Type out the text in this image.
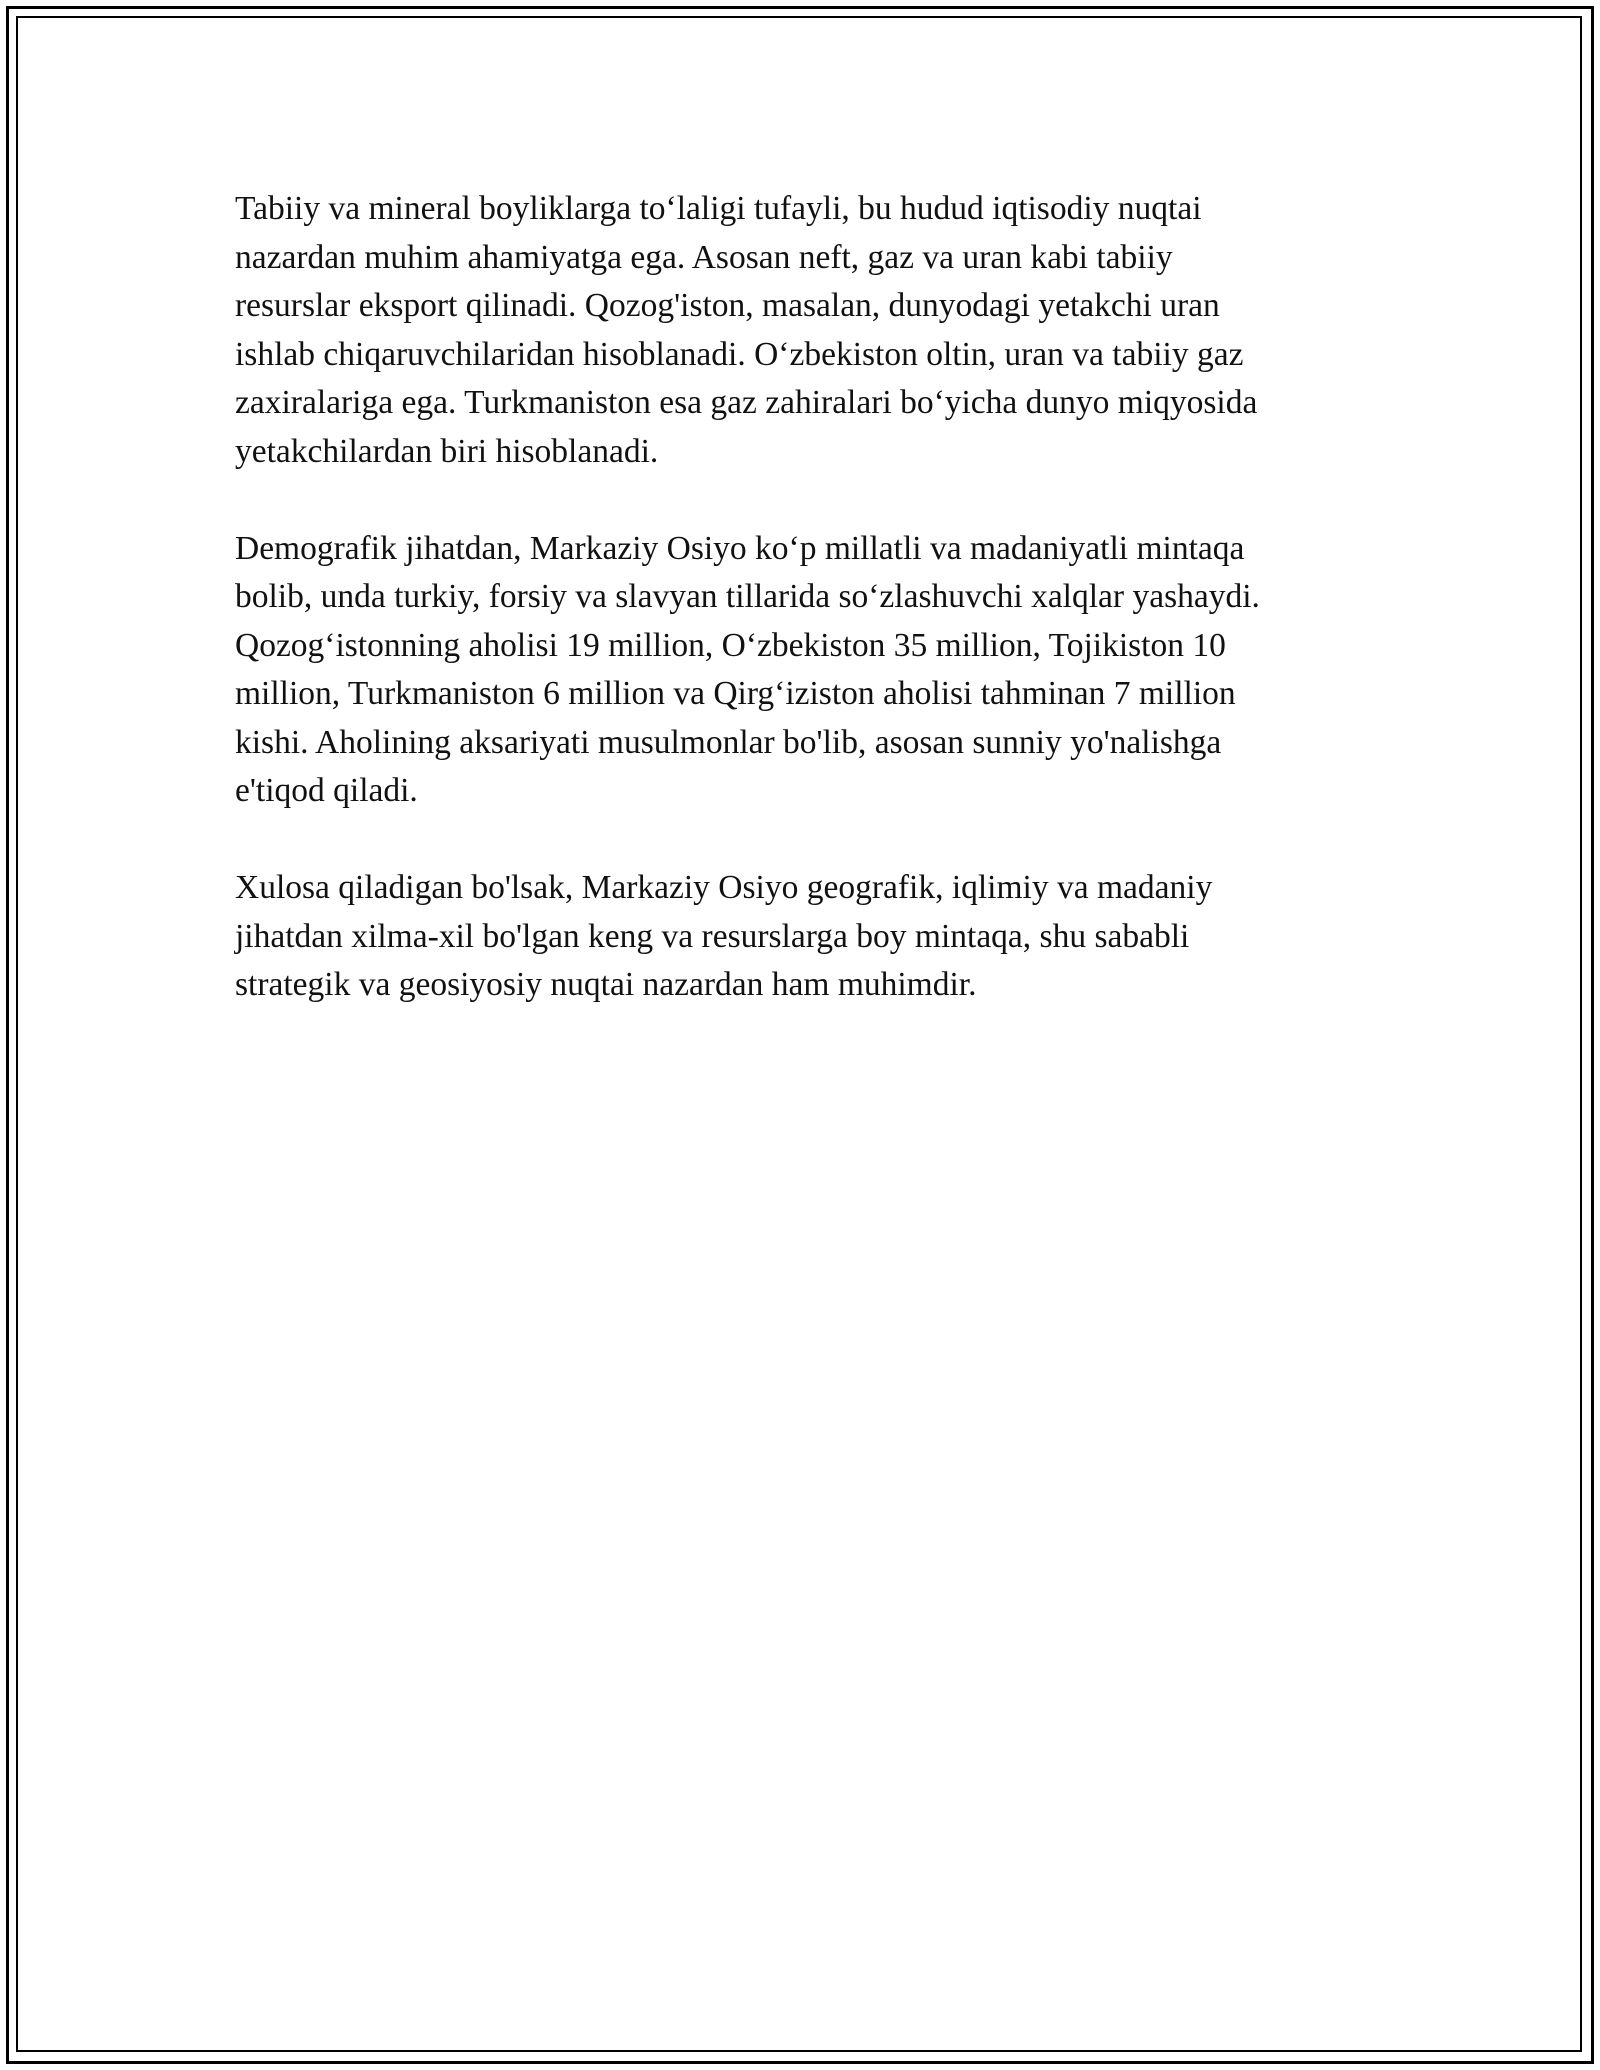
Tabiiy va mineral boyliklarga to‘laligi tufayli, bu hudud iqtisodiy nuqtai
nazardan muhim ahamiyatga ega. Asosan neft, gaz va uran kabi tabiiy
resurslar eksport qilinadi. Qozog'iston, masalan, dunyodagi yetakchi uran
ishlab chiqaruvchilaridan hisoblanadi. O‘zbekiston oltin, uran va tabiiy gaz
zaxiralariga ega. Turkmaniston esa gaz zahiralari bo‘yicha dunyo miqyosida
yetakchilardan biri hisoblanadi.

Demografik jihatdan, Markaziy Osiyo ko‘p millatli va madaniyatli mintaqa
bolib, unda turkiy, forsiy va slavyan tillarida so‘zlashuvchi xalqlar yashaydi.
Qozog‘istonning aholisi 19 million, O‘zbekiston 35 million, Tojikiston 10
million, Turkmaniston 6 million va Qirg‘iziston aholisi tahminan 7 million
kishi. Aholining aksariyati musulmonlar bo'lib, asosan sunniy yo'nalishga
e'tiqod qiladi.

Xulosa qiladigan bo'lsak, Markaziy Osiyo geografik, iqlimiy va madaniy
jihatdan xilma-xil bo'lgan keng va resurslarga boy mintaqa, shu sababli
strategik va geosiyosiy nuqtai nazardan ham muhimdir.
